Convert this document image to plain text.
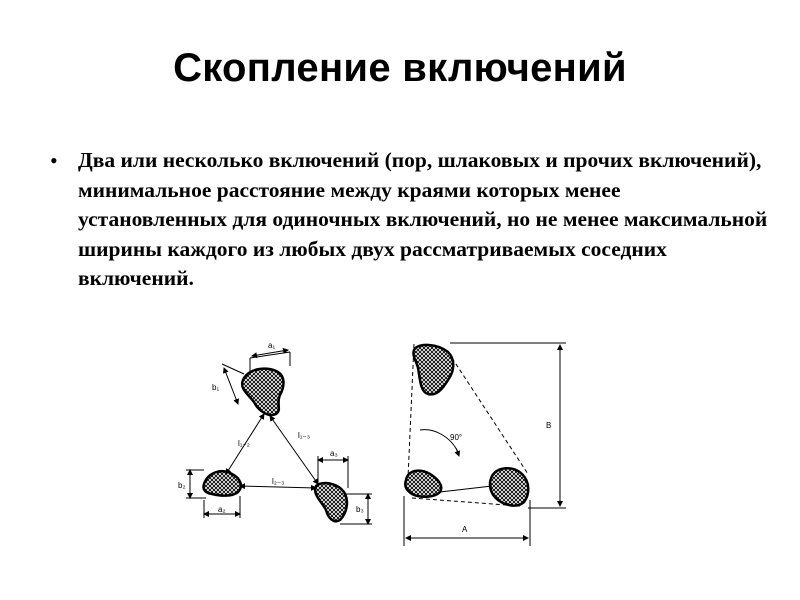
Скопление включений
• Два или несколько включений (пор, шлаковых и прочих включений), минимальное расстояние между краями которых менее установленных для одиночных включений, но не менее максимальной ширины каждого из любых двух рассматриваемых соседних включений.
a₁
b₁
l₁₋₂
l₁₋₃
l₂₋₃
b₂
a₂
a₃
b₃
90°
B
A
